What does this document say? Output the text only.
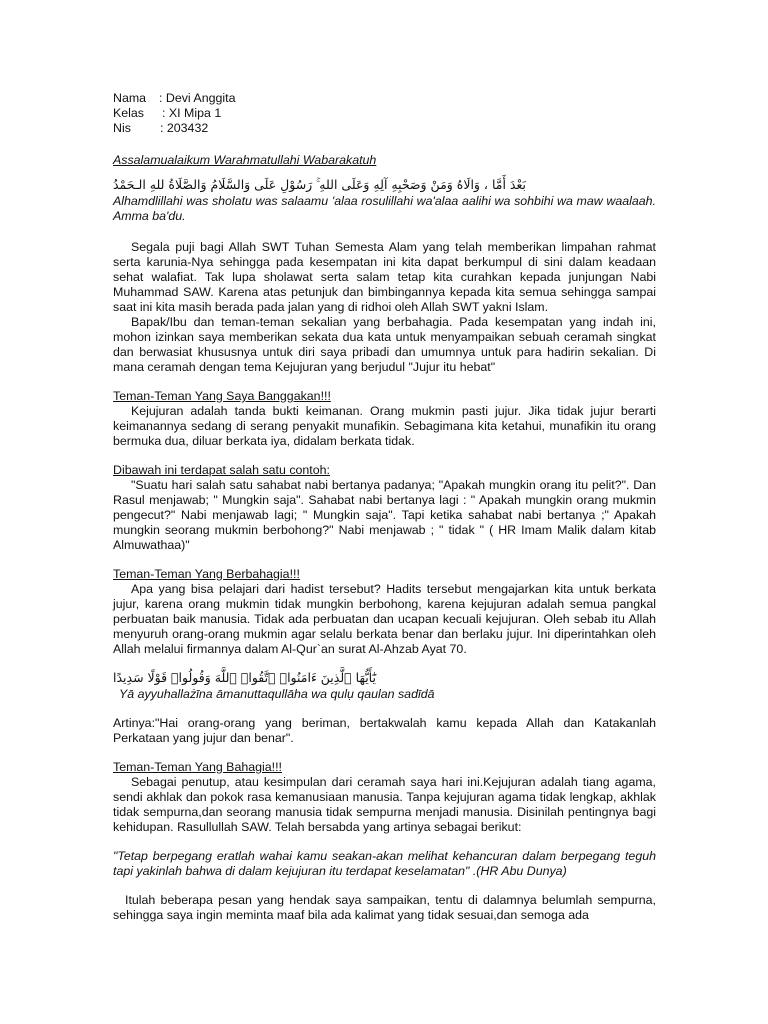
Nama : Devi Anggita
Kelas : XI Mipa 1
Nis : 203432

Assalamualaikum Warahmatullahi Wabarakatuh

بَعْدَ أَمَّا ، وَالَاهُ وَمَنْ وَصَحْبِهِ آلِهِ وَعَلَى اللهِ ۚ رَسُوْلِ عَلَى وَالسَّلَامُ وَالصَّلَاةُ للهِ الـحَمْدُ

Alhamdlillahi was sholatu was salaamu 'alaa rosulillahi wa'alaa aalihi wa sohbihi wa maw waalaah. Amma ba'du.

Segala puji bagi Allah SWT Tuhan Semesta Alam yang telah memberikan limpahan rahmat serta karunia-Nya sehingga pada kesempatan ini kita dapat berkumpul di sini dalam keadaan sehat walafiat. Tak lupa sholawat serta salam tetap kita curahkan kepada junjungan Nabi Muhammad SAW. Karena atas petunjuk dan bimbingannya kepada kita semua sehingga sampai saat ini kita masih berada pada jalan yang di ridhoi oleh Allah SWT yakni Islam.

Bapak/Ibu dan teman-teman sekalian yang berbahagia. Pada kesempatan yang indah ini, mohon izinkan saya memberikan sekata dua kata untuk menyampaikan sebuah ceramah singkat dan berwasiat khususnya untuk diri saya pribadi dan umumnya untuk para hadirin sekalian. Di mana ceramah dengan tema Kejujuran yang berjudul "Jujur itu hebat"

Teman-Teman Yang Saya Banggakan!!!

Kejujuran adalah tanda bukti keimanan. Orang mukmin pasti jujur. Jika tidak jujur berarti keimanannya sedang di serang penyakit munafikin. Sebagimana kita ketahui, munafikin itu orang bermuka dua, diluar berkata iya, didalam berkata tidak.

Dibawah ini terdapat salah satu contoh:

"Suatu hari salah satu sahabat nabi bertanya padanya; "Apakah mungkin orang itu pelit?". Dan Rasul menjawab; " Mungkin saja". Sahabat nabi bertanya lagi : " Apakah mungkin orang mukmin pengecut?" Nabi menjawab lagi; " Mungkin saja". Tapi ketika sahabat nabi bertanya ;" Apakah mungkin seorang mukmin berbohong?" Nabi menjawab ; " tidak " ( HR Imam Malik dalam kitab Almuwathaa)"

Teman-Teman Yang Berbahagia!!!

Apa yang bisa pelajari dari hadist tersebut? Hadits tersebut mengajarkan kita untuk berkata jujur, karena orang mukmin tidak mungkin berbohong, karena kejujuran adalah semua pangkal perbuatan baik manusia. Tidak ada perbuatan dan ucapan kecuali kejujuran. Oleh sebab itu Allah menyuruh orang-orang mukmin agar selalu berkata benar dan berlaku jujur. Ini diperintahkan oleh Allah melalui firmannya dalam Al-Qur`an surat Al-Ahzab Ayat 70.

يَٰٓأَيُّهَا ٱلَّذِينَ ءَامَنُوا۟ ٱتَّقُوا۟ ٱللَّهَ وَقُولُوا۟ قَوْلًا سَدِيدًا

Yā ayyuhallażīna āmanuttaqullāha wa qulụ qaulan sadīdā

Artinya:"Hai orang-orang yang beriman, bertakwalah kamu kepada Allah dan Katakanlah Perkataan yang jujur dan benar".

Teman-Teman Yang Bahagia!!!

Sebagai penutup, atau kesimpulan dari ceramah saya hari ini.Kejujuran adalah tiang agama, sendi akhlak dan pokok rasa kemanusiaan manusia. Tanpa kejujuran agama tidak lengkap, akhlak tidak sempurna,dan seorang manusia tidak sempurna menjadi manusia. Disinilah pentingnya bagi kehidupan. Rasullullah SAW. Telah bersabda yang artinya sebagai berikut:

"Tetap berpegang eratlah wahai kamu seakan-akan melihat kehancuran dalam berpegang teguh tapi yakinlah bahwa di dalam kejujuran itu terdapat keselamatan" .(HR Abu Dunya)

Itulah beberapa pesan yang hendak saya sampaikan, tentu di dalamnya belumlah sempurna, sehingga saya ingin meminta maaf bila ada kalimat yang tidak sesuai,dan semoga ada
